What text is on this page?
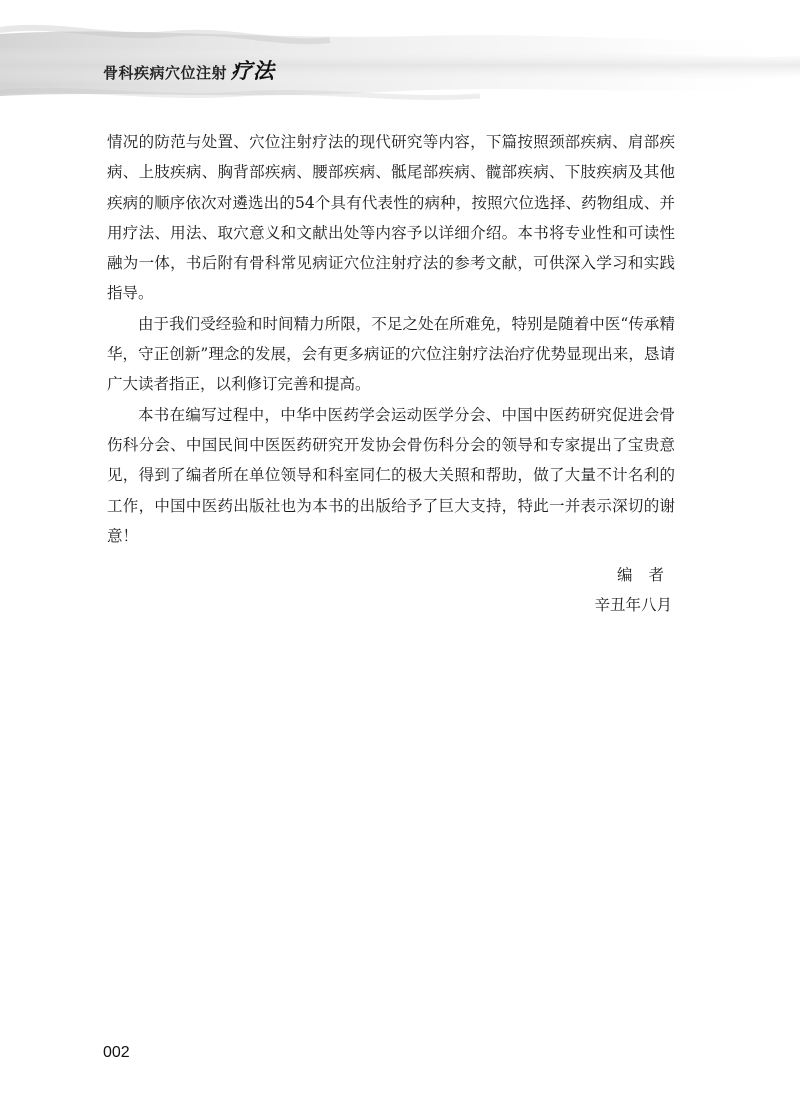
骨科疾病穴位注射 疗法

情况的防范与处置、穴位注射疗法的现代研究等内容，下篇按照颈部疾病、肩部疾病、上肢疾病、胸背部疾病、腰部疾病、骶尾部疾病、髋部疾病、下肢疾病及其他疾病的顺序依次对遴选出的54个具有代表性的病种，按照穴位选择、药物组成、并用疗法、用法、取穴意义和文献出处等内容予以详细介绍。本书将专业性和可读性融为一体，书后附有骨科常见病证穴位注射疗法的参考文献，可供深入学习和实践指导。

由于我们受经验和时间精力所限，不足之处在所难免，特别是随着中医“传承精华，守正创新”理念的发展，会有更多病证的穴位注射疗法治疗优势显现出来，恳请广大读者指正，以利修订完善和提高。

本书在编写过程中，中华中医药学会运动医学分会、中国中医药研究促进会骨伤科分会、中国民间中医医药研究开发协会骨伤科分会的领导和专家提出了宝贵意见，得到了编者所在单位领导和科室同仁的极大关照和帮助，做了大量不计名利的工作，中国中医药出版社也为本书的出版给予了巨大支持，特此一并表示深切的谢意！

编者
辛丑年八月
002
